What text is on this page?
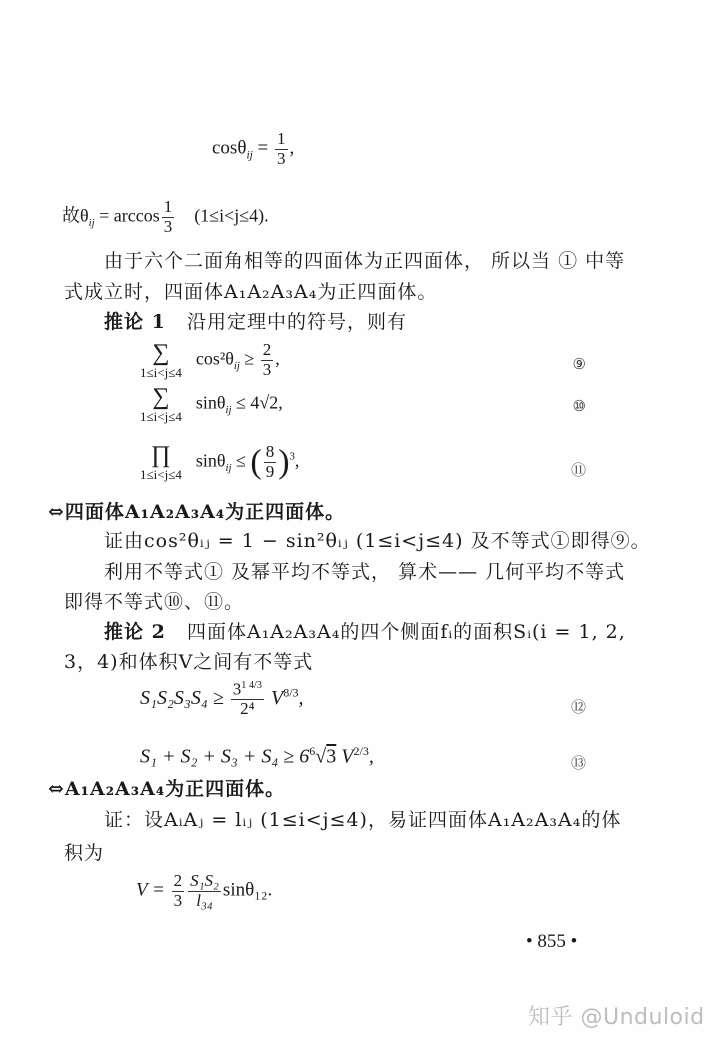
$\cos\theta_{ij} = \frac{1}{3}$ ,
故$\theta_{ij} = \arccos \frac{1}{3} (1\le i<j\le 4)$.
由于六个二面角相等的四面体为正四面体， 所以当 ① 中等
式成立时，四面体A₁A₂A₃A₄为正四面体。
推论 1 沿用定理中的符号，则有
∑
$1\le i<j\le 4\cos^2\theta_{ij} \ge \frac{2}{3}$ ,	⑨
∑
1≤i<j≤4sinθ$_{ij}$ ≤ 4√2,	⑩
∏
1≤i<j≤4sinθ$_{ij}$ ≤ ( $\frac{8}{9} )^3$,	⑪
⇔四面体A₁A₂A₃A₄为正四面体。
证由cos²θᵢⱼ = 1 − sin²θᵢⱼ (1≤i<j≤4) 及不等式①即得⑨。
利用不等式① 及幂平均不等式， 算术—— 几何平均不等式
即得不等式⑩、⑪。
推论 2 四面体A₁A₂A₃A₄的四个侧面fᵢ的面积Sᵢ(i = 1, 2,
3，4)和体积V之间有不等式
$S_1S_2S_3S_4 \ge \frac{3^{1 4/3}}{\text{2⁴}} V^{8/3}$,	⑫
$S_1 + S_2 + S_3 + S_4 \ge 6^6√3$ $V^{2/3}$,	⑬
⇔A₁A₂A₃A₄为正四面体。
证：设AᵢAⱼ = lᵢⱼ (1≤i<j≤4)，易证四面体A₁A₂A₃A₄的体
积为
$V = \frac{2}{3} \frac{\text{S₁S₂}}{\text{l₃₄}} \sin\theta_{12}$.
• 855 •
知乎 @Unduloid
